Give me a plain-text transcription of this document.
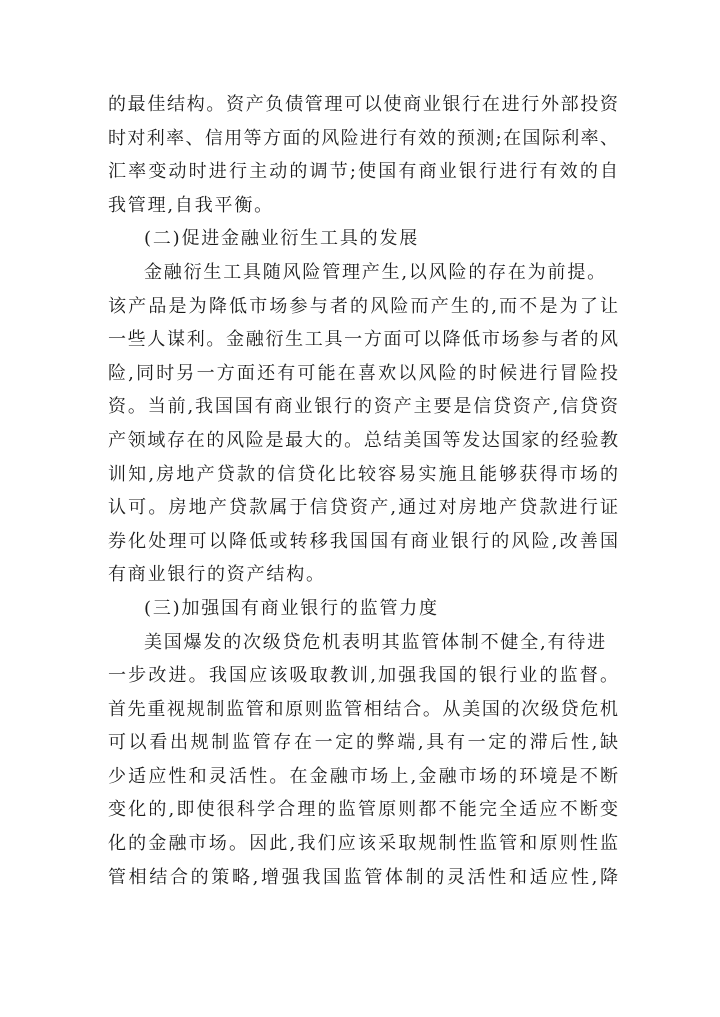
的最佳结构。资产负债管理可以使商业银行在进行外部投资
时对利率、信用等方面的风险进行有效的预测;在国际利率、
汇率变动时进行主动的调节;使国有商业银行进行有效的自
我管理,自我平衡。
(二)促进金融业衍生工具的发展
金融衍生工具随风险管理产生,以风险的存在为前提。
该产品是为降低市场参与者的风险而产生的,而不是为了让
一些人谋利。金融衍生工具一方面可以降低市场参与者的风
险,同时另一方面还有可能在喜欢以风险的时候进行冒险投
资。当前,我国国有商业银行的资产主要是信贷资产,信贷资
产领域存在的风险是最大的。总结美国等发达国家的经验教
训知,房地产贷款的信贷化比较容易实施且能够获得市场的
认可。房地产贷款属于信贷资产,通过对房地产贷款进行证
券化处理可以降低或转移我国国有商业银行的风险,改善国
有商业银行的资产结构。
(三)加强国有商业银行的监管力度
美国爆发的次级贷危机表明其监管体制不健全,有待进
一步改进。我国应该吸取教训,加强我国的银行业的监督。
首先重视规制监管和原则监管相结合。从美国的次级贷危机
可以看出规制监管存在一定的弊端,具有一定的滞后性,缺
少适应性和灵活性。在金融市场上,金融市场的环境是不断
变化的,即使很科学合理的监管原则都不能完全适应不断变
化的金融市场。因此,我们应该采取规制性监管和原则性监
管相结合的策略,增强我国监管体制的灵活性和适应性,降
